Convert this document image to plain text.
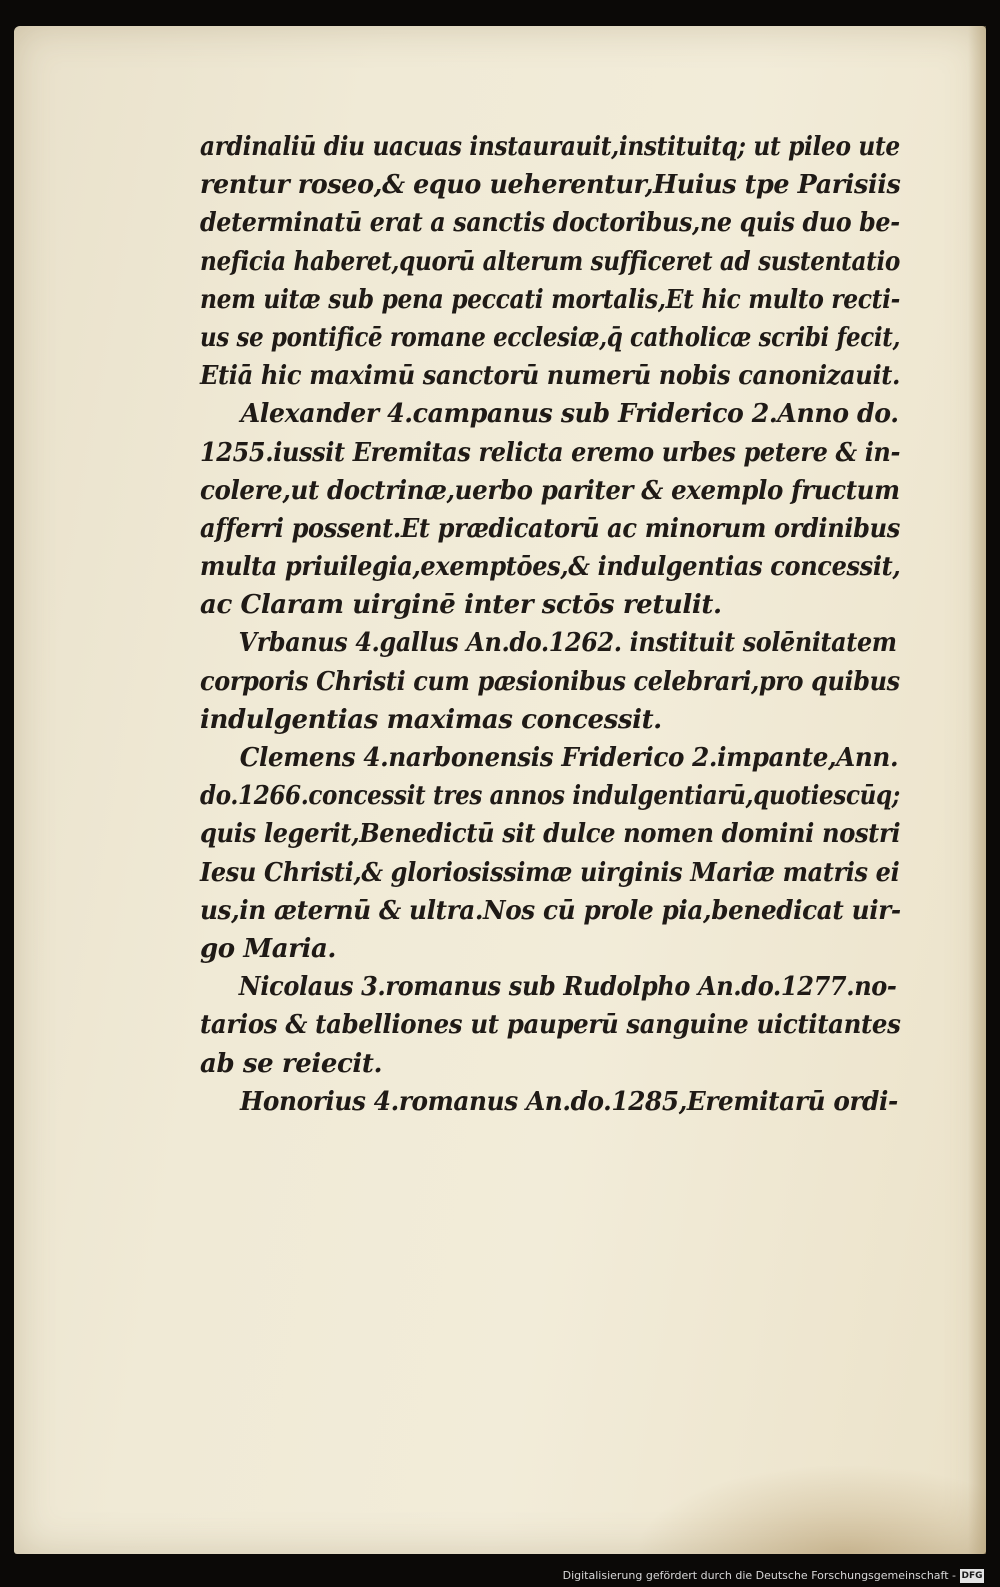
ardinaliū diu uacuas instaurauit,instituitq; ut pileo ute
rentur roseo,& equo ueherentur,Huius tpe Parisiis
determinatū erat a sanctis doctoribus,ne quis duo be-
neficia haberet,quorū alterum sufficeret ad sustentatio
nem uitæ sub pena peccati mortalis,Et hic multo recti-
us se pontificē romane ecclesiæ,q̄ catholicæ scribi fecit,
Etiā hic maximū sanctorū numerū nobis canonizauit.
Alexander 4.campanus sub Friderico 2.Anno do.
1255.iussit Eremitas relicta eremo urbes petere & in-
colere,ut doctrinæ,uerbo pariter & exemplo fructum
afferri possent.Et prædicatorū ac minorum ordinibus
multa priuilegia,exemptōes,& indulgentias concessit,
ac Claram uirginē inter sctōs retulit.
Vrbanus 4.gallus An.do.1262. instituit solēnitatem
corporis Christi cum pæsionibus celebrari,pro quibus
indulgentias maximas concessit.
Clemens 4.narbonensis Friderico 2.impante,Ann.
do.1266.concessit tres annos indulgentiarū,quotiescūq;
quis legerit,Benedictū sit dulce nomen domini nostri
Iesu Christi,& gloriosissimæ uirginis Mariæ matris ei
us,in æternū & ultra.Nos cū prole pia,benedicat uir-
go Maria.
Nicolaus 3.romanus sub Rudolpho An.do.1277.no-
tarios & tabelliones ut pauperū sanguine uictitantes
ab se reiecit.
Honorius 4.romanus An.do.1285,Eremitarū ordi-
Digitalisierung gefördert durch die Deutsche Forschungsgemeinschaft - DFG
